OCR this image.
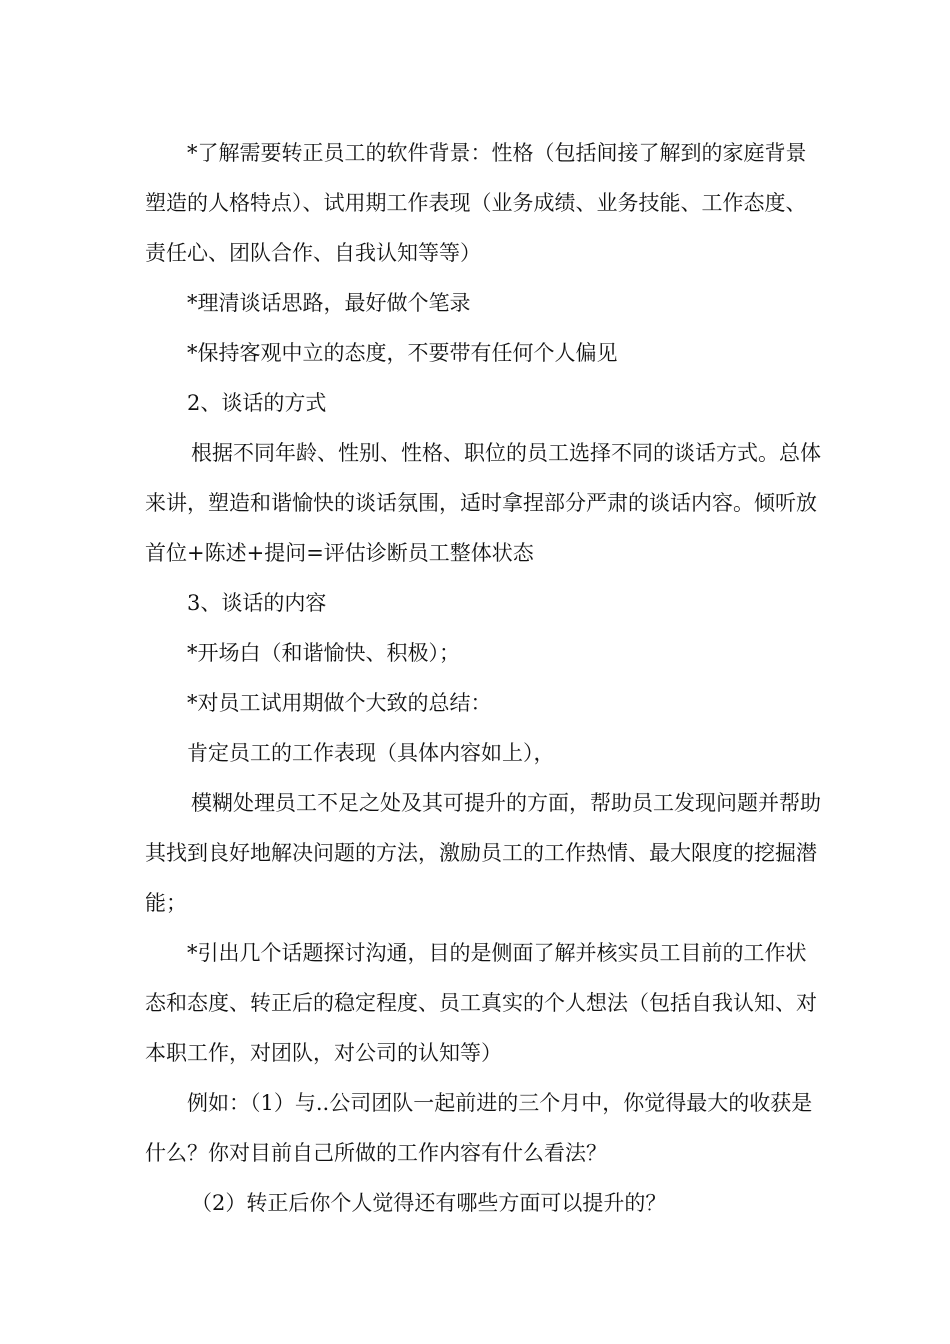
*了解需要转正员工的软件背景：性格（包括间接了解到的家庭背景塑造的人格特点）、试用期工作表现（业务成绩、业务技能、工作态度、责任心、团队合作、自我认知等等）

*理清谈话思路，最好做个笔录

*保持客观中立的态度，不要带有任何个人偏见

2、谈话的方式

根据不同年龄、性别、性格、职位的员工选择不同的谈话方式。总体来讲，塑造和谐愉快的谈话氛围，适时拿捏部分严肃的谈话内容。倾听放首位+陈述+提问=评估诊断员工整体状态

3、谈话的内容

*开场白（和谐愉快、积极）；

*对员工试用期做个大致的总结：

肯定员工的工作表现（具体内容如上），

模糊处理员工不足之处及其可提升的方面，帮助员工发现问题并帮助其找到良好地解决问题的方法，激励员工的工作热情、最大限度的挖掘潜能；

*引出几个话题探讨沟通，目的是侧面了解并核实员工目前的工作状态和态度、转正后的稳定程度、员工真实的个人想法（包括自我认知、对本职工作，对团队，对公司的认知等）

例如：（1）与..公司团队一起前进的三个月中，你觉得最大的收获是什么？你对目前自己所做的工作内容有什么看法？

（2）转正后你个人觉得还有哪些方面可以提升的？
